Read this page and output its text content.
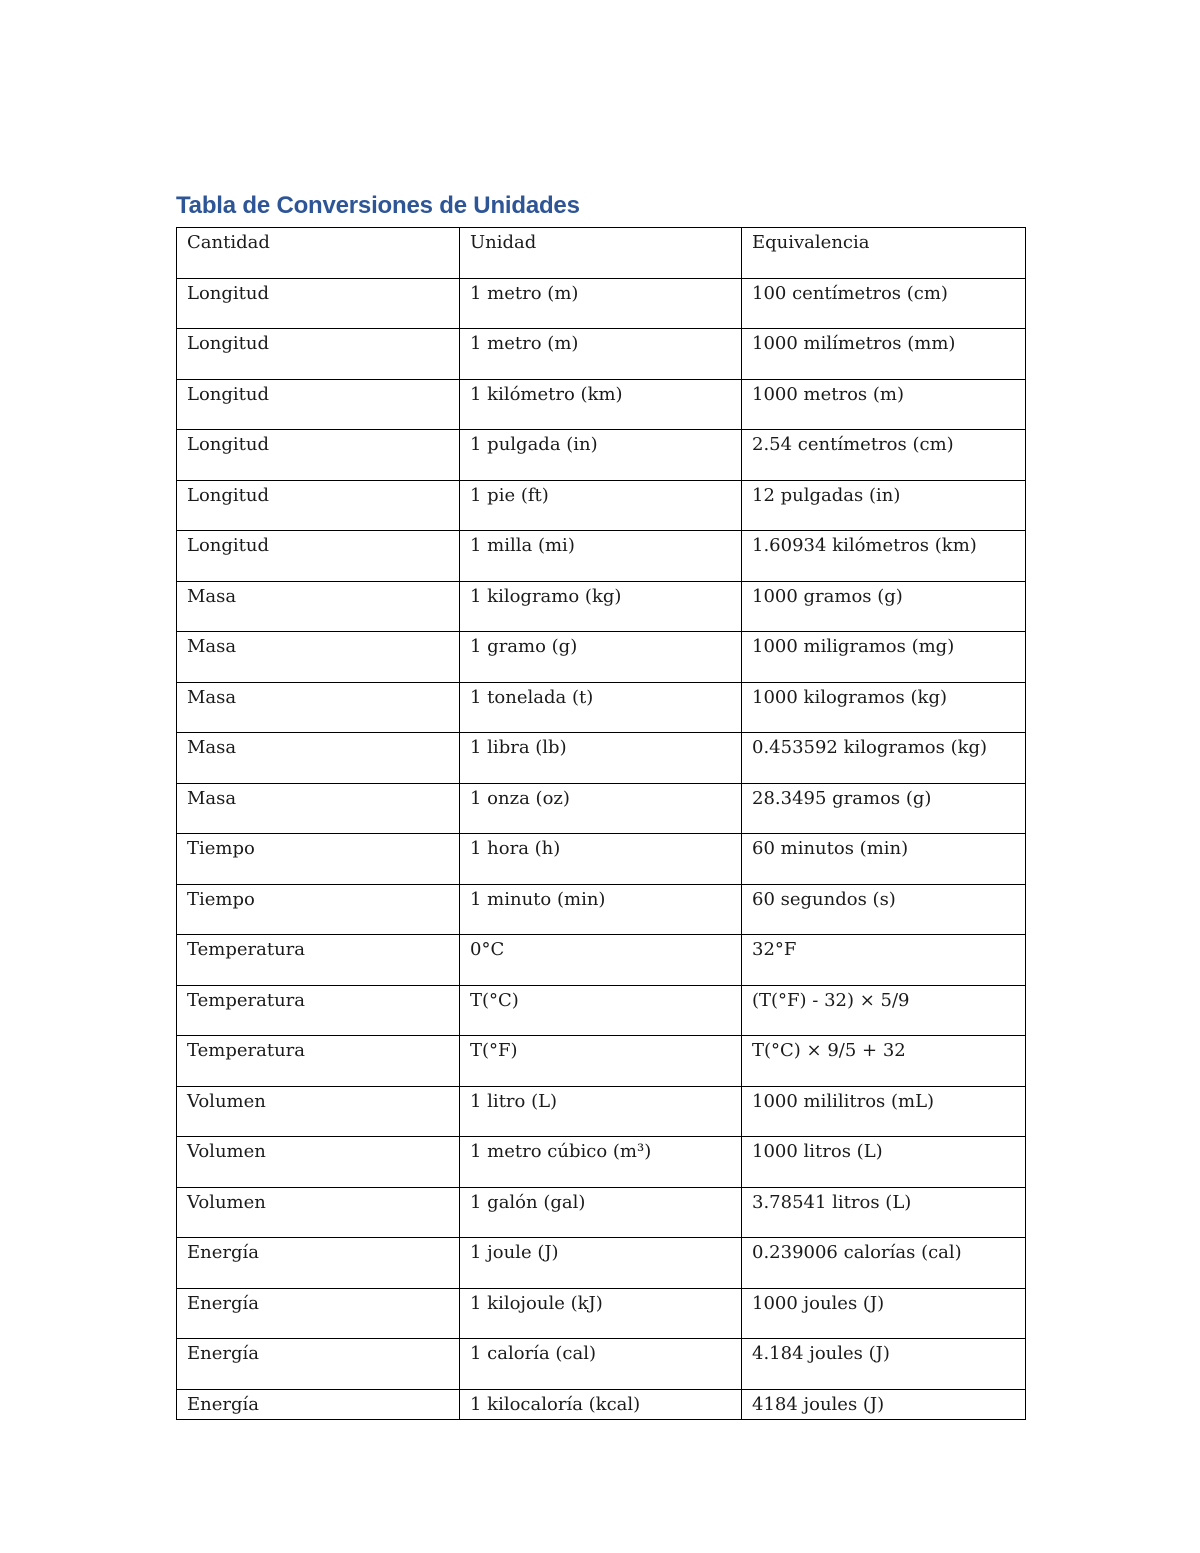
Tabla de Conversiones de Unidades
Cantidad	Unidad	Equivalencia
Longitud	1 metro (m)	100 centímetros (cm)
Longitud	1 metro (m)	1000 milímetros (mm)
Longitud	1 kilómetro (km)	1000 metros (m)
Longitud	1 pulgada (in)	2.54 centímetros (cm)
Longitud	1 pie (ft)	12 pulgadas (in)
Longitud	1 milla (mi)	1.60934 kilómetros (km)
Masa	1 kilogramo (kg)	1000 gramos (g)
Masa	1 gramo (g)	1000 miligramos (mg)
Masa	1 tonelada (t)	1000 kilogramos (kg)
Masa	1 libra (lb)	0.453592 kilogramos (kg)
Masa	1 onza (oz)	28.3495 gramos (g)
Tiempo	1 hora (h)	60 minutos (min)
Tiempo	1 minuto (min)	60 segundos (s)
Temperatura	0°C	32°F
Temperatura	T(°C)	(T(°F) - 32) × 5/9
Temperatura	T(°F)	T(°C) × 9/5 + 32
Volumen	1 litro (L)	1000 mililitros (mL)
Volumen	1 metro cúbico (m³)	1000 litros (L)
Volumen	1 galón (gal)	3.78541 litros (L)
Energía	1 joule (J)	0.239006 calorías (cal)
Energía	1 kilojoule (kJ)	1000 joules (J)
Energía	1 caloría (cal)	4.184 joules (J)
Energía	1 kilocaloría (kcal)	4184 joules (J)
